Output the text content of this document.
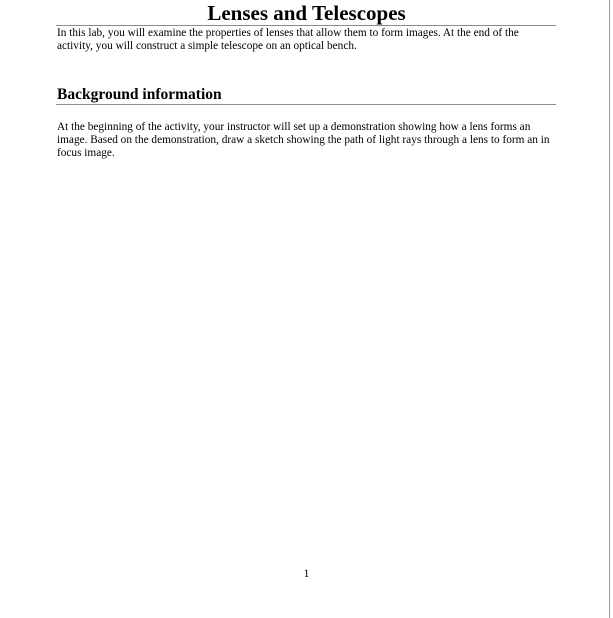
Lenses and Telescopes

In this lab, you will examine the properties of lenses that allow them to form images. At the end of the activity, you will construct a simple telescope on an optical bench.

Background information

At the beginning of the activity, your instructor will set up a demonstration showing how a lens forms an image. Based on the demonstration, draw a sketch showing the path of light rays through a lens to form an in focus image.

1
